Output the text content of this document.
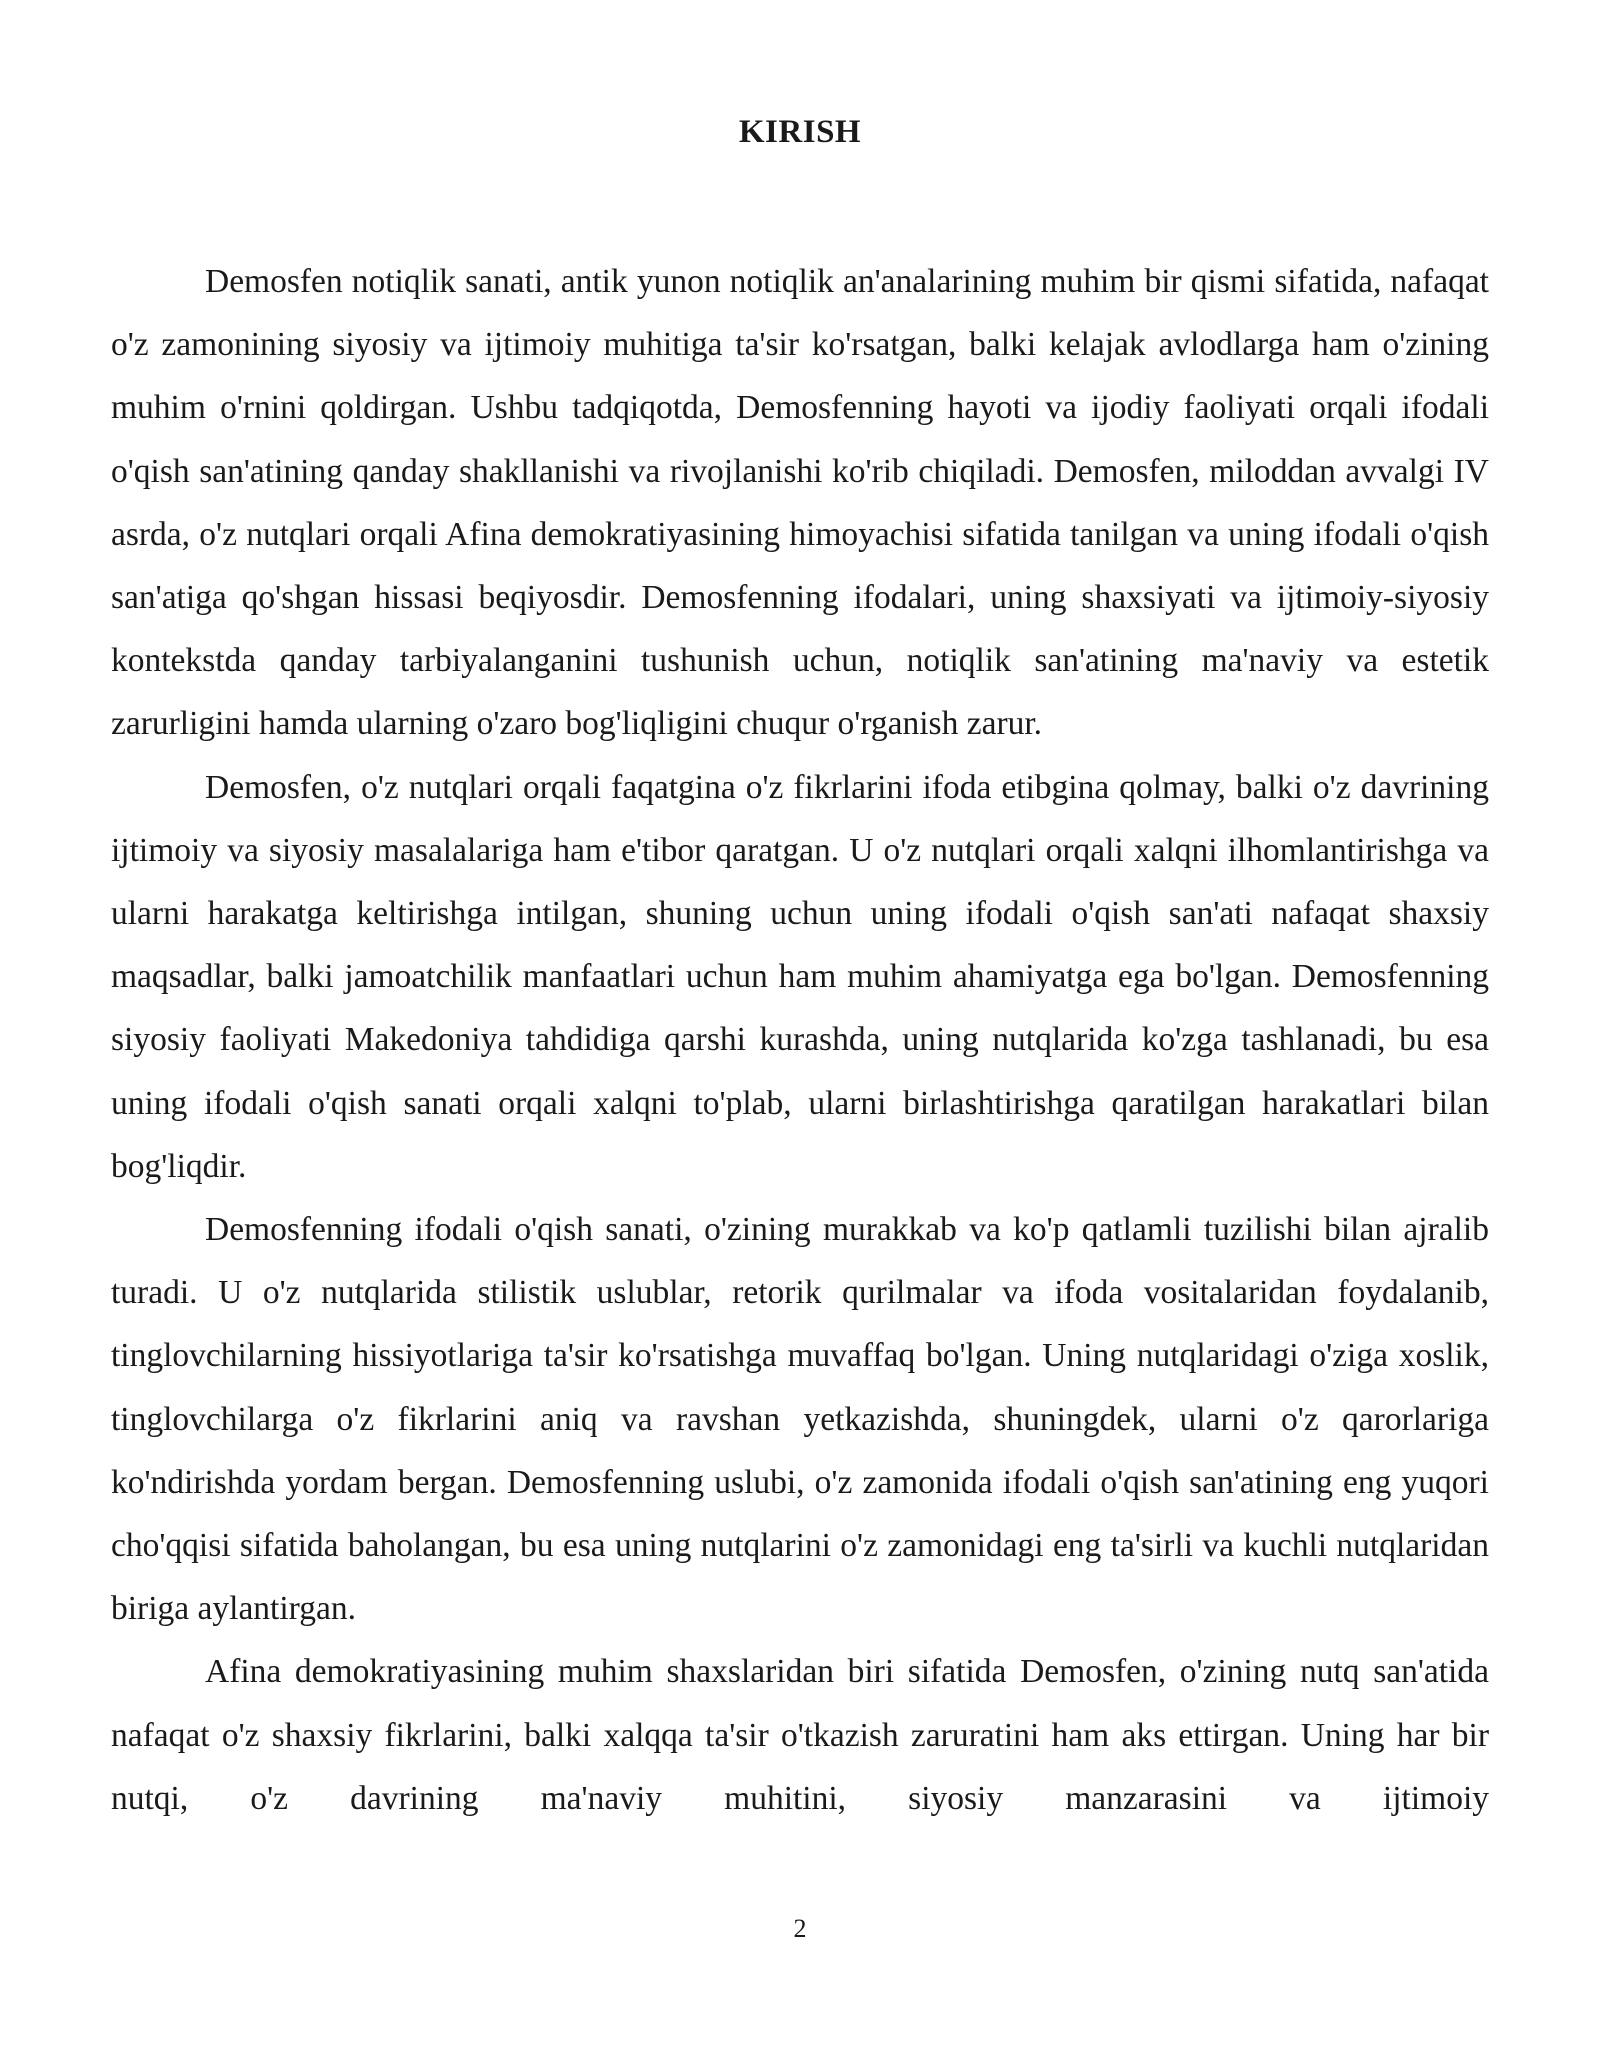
KIRISH

Demosfen notiqlik sanati, antik yunon notiqlik an'analarining muhim bir qismi sifatida, nafaqat o'z zamonining siyosiy va ijtimoiy muhitiga ta'sir ko'rsatgan, balki kelajak avlodlarga ham o'zining muhim o'rnini qoldirgan. Ushbu tadqiqotda, Demosfenning hayoti va ijodiy faoliyati orqali ifodali o'qish san'atining qanday shakllanishi va rivojlanishi ko'rib chiqiladi. Demosfen, miloddan avvalgi IV asrda, o'z nutqlari orqali Afina demokratiyasining himoyachisi sifatida tanilgan va uning ifodali o'qish san'atiga qo'shgan hissasi beqiyosdir. Demosfenning ifodalari, uning shaxsiyati va ijtimoiy-siyosiy kontekstda qanday tarbiyalanganini tushunish uchun, notiqlik san'atining ma'naviy va estetik zarurligini hamda ularning o'zaro bog'liqligini chuqur o'rganish zarur.

Demosfen, o'z nutqlari orqali faqatgina o'z fikrlarini ifoda etibgina qolmay, balki o'z davrining ijtimoiy va siyosiy masalalariga ham e'tibor qaratgan. U o'z nutqlari orqali xalqni ilhomlantirishga va ularni harakatga keltirishga intilgan, shuning uchun uning ifodali o'qish san'ati nafaqat shaxsiy maqsadlar, balki jamoatchilik manfaatlari uchun ham muhim ahamiyatga ega bo'lgan. Demosfenning siyosiy faoliyati Makedoniya tahdidiga qarshi kurashda, uning nutqlarida ko'zga tashlanadi, bu esa uning ifodali o'qish sanati orqali xalqni to'plab, ularni birlashtirishga qaratilgan harakatlari bilan bog'liqdir.

Demosfenning ifodali o'qish sanati, o'zining murakkab va ko'p qatlamli tuzilishi bilan ajralib turadi. U o'z nutqlarida stilistik uslublar, retorik qurilmalar va ifoda vositalaridan foydalanib, tinglovchilarning hissiyotlariga ta'sir ko'rsatishga muvaffaq bo'lgan. Uning nutqlaridagi o'ziga xoslik, tinglovchilarga o'z fikrlarini aniq va ravshan yetkazishda, shuningdek, ularni o'z qarorlariga ko'ndirishda yordam bergan. Demosfenning uslubi, o'z zamonida ifodali o'qish san'atining eng yuqori cho'qqisi sifatida baholangan, bu esa uning nutqlarini o'z zamonidagi eng ta'sirli va kuchli nutqlaridan biriga aylantirgan.

Afina demokratiyasining muhim shaxslaridan biri sifatida Demosfen, o'zining nutq san'atida nafaqat o'z shaxsiy fikrlarini, balki xalqqa ta'sir o'tkazish zaruratini ham aks ettirgan. Uning har bir nutqi, o'z davrining ma'naviy muhitini, siyosiy manzarasini va ijtimoiy

2
